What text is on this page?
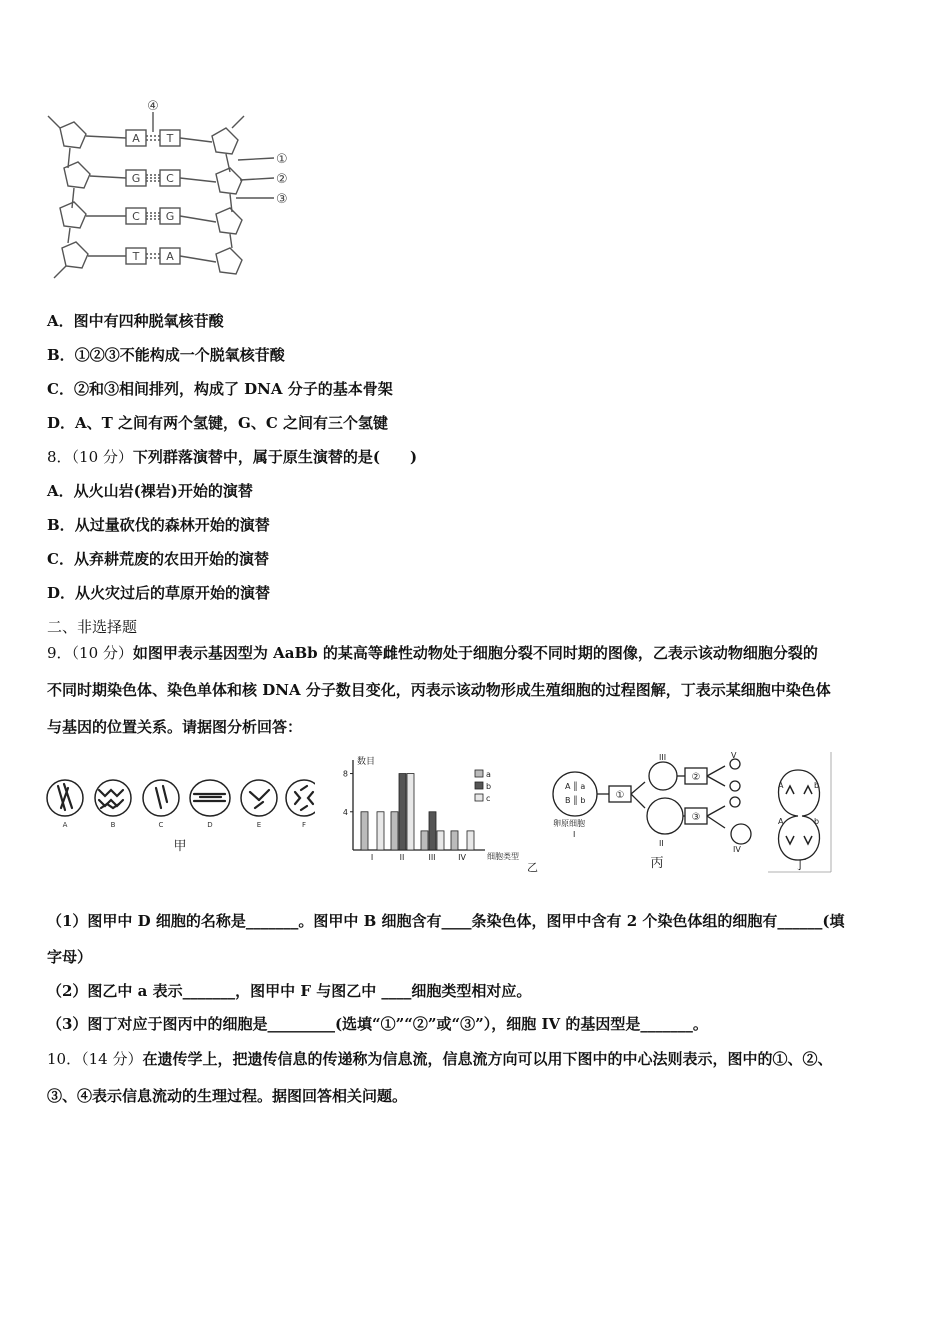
A T
G C
C G
T A
④
①
②
③
A．图中有四种脱氧核苷酸
B．①②③不能构成一个脱氧核苷酸
C．②和③相间排列，构成了 DNA 分子的基本骨架
D．A、T 之间有两个氢键，G、C 之间有三个氢键
8．（10 分）下列群落演替中，属于原生演替的是(　　)
A．从火山岩(裸岩)开始的演替
B．从过量砍伐的森林开始的演替
C．从弃耕荒废的农田开始的演替
D．从火灾过后的草原开始的演替
二、非选择题
9．（10 分）如图甲表示基因型为 AaBb 的某高等雌性动物处于细胞分裂不同时期的图像，乙表示该动物细胞分裂的
不同时期染色体、染色单体和核 DNA 分子数目变化，丙表示该动物形成生殖细胞的过程图解，丁表示某细胞中染色体
与基因的位置关系。请据图分析回答：
A	B	C	D	E	F
甲
数目
细胞类型
4
8
I	II	III	IV
a
b
c
乙
A ║ a
B ║ b
卵原细胞
I
①
②
③
III
II
IV
V
丙
A
A
b
b
丁
（1）图甲中 D 细胞的名称是_______。图甲中 B 细胞含有____条染色体，图甲中含有 2 个染色体组的细胞有______(填
字母）
（2）图乙中 a 表示_______，图甲中 F 与图乙中 ____细胞类型相对应。
（3）图丁对应于图丙中的细胞是_________(选填“①”“②”或“③”），细胞 IV 的基因型是_______。
10．（14 分）在遗传学上，把遗传信息的传递称为信息流，信息流方向可以用下图中的中心法则表示，图中的①、②、
③、④表示信息流动的生理过程。据图回答相关问题。
